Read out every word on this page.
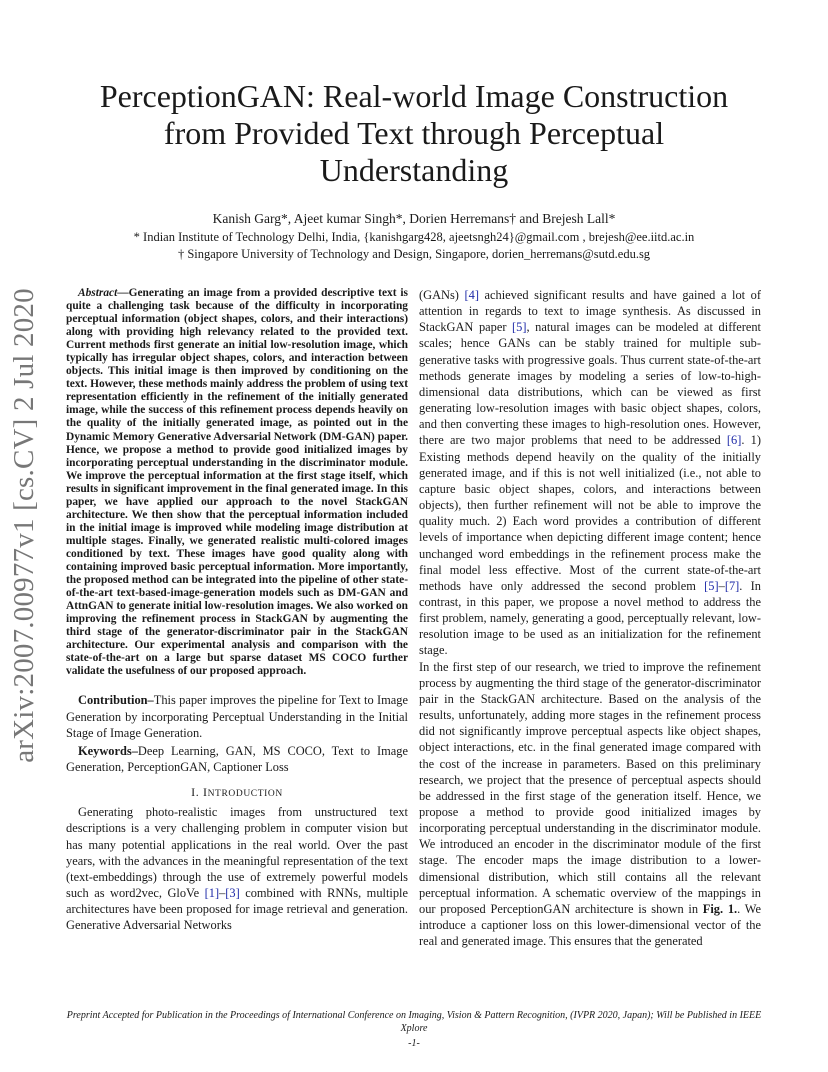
arXiv:2007.00977v1 [cs.CV] 2 Jul 2020
PerceptionGAN: Real-world Image Construction from Provided Text through Perceptual Understanding
Kanish Garg*, Ajeet kumar Singh*, Dorien Herremans† and Brejesh Lall*
* Indian Institute of Technology Delhi, India, {kanishgarg428, ajeetsngh24}@gmail.com , brejesh@ee.iitd.ac.in
† Singapore University of Technology and Design, Singapore, dorien_herremans@sutd.edu.sg

Abstract—Generating an image from a provided descriptive text is quite a challenging task because of the difficulty in incorporating perceptual information (object shapes, colors, and their interactions) along with providing high relevancy related to the provided text. Current methods first generate an initial low-resolution image, which typically has irregular object shapes, colors, and interaction between objects. This initial image is then improved by conditioning on the text. However, these methods mainly address the problem of using text representation efficiently in the refinement of the initially generated image, while the success of this refinement process depends heavily on the quality of the initially generated image, as pointed out in the Dynamic Memory Generative Adversarial Network (DM-GAN) paper. Hence, we propose a method to provide good initialized images by incorporating perceptual understanding in the discriminator module. We improve the perceptual information at the first stage itself, which results in significant improvement in the final generated image. In this paper, we have applied our approach to the novel StackGAN architecture. We then show that the perceptual information included in the initial image is improved while modeling image distribution at multiple stages. Finally, we generated realistic multi-colored images conditioned by text. These images have good quality along with containing improved basic perceptual information. More importantly, the proposed method can be integrated into the pipeline of other state-of-the-art text-based-image-generation models such as DM-GAN and AttnGAN to generate initial low-resolution images. We also worked on improving the refinement process in StackGAN by augmenting the third stage of the generator-discriminator pair in the StackGAN architecture. Our experimental analysis and comparison with the state-of-the-art on a large but sparse dataset MS COCO further validate the usefulness of our proposed approach.

Contribution–This paper improves the pipeline for Text to Image Generation by incorporating Perceptual Understanding in the Initial Stage of Image Generation.

Keywords–Deep Learning, GAN, MS COCO, Text to Image Generation, PerceptionGAN, Captioner Loss

I. INTRODUCTION

Generating photo-realistic images from unstructured text descriptions is a very challenging problem in computer vision but has many potential applications in the real world. Over the past years, with the advances in the meaningful representation of the text (text-embeddings) through the use of extremely powerful models such as word2vec, GloVe [1]–[3] combined with RNNs, multiple architectures have been proposed for image retrieval and generation. Generative Adversarial Networks

(GANs) [4] achieved significant results and have gained a lot of attention in regards to text to image synthesis. As discussed in StackGAN paper [5], natural images can be modeled at different scales; hence GANs can be stably trained for multiple sub-generative tasks with progressive goals. Thus current state-of-the-art methods generate images by modeling a series of low-to-high-dimensional data distributions, which can be viewed as first generating low-resolution images with basic object shapes, colors, and then converting these images to high-resolution ones. However, there are two major problems that need to be addressed [6]. 1) Existing methods depend heavily on the quality of the initially generated image, and if this is not well initialized (i.e., not able to capture basic object shapes, colors, and interactions between objects), then further refinement will not be able to improve the quality much. 2) Each word provides a contribution of different levels of importance when depicting different image content; hence unchanged word embeddings in the refinement process make the final model less effective. Most of the current state-of-the-art methods have only addressed the second problem [5]–[7]. In contrast, in this paper, we propose a novel method to address the first problem, namely, generating a good, perceptually relevant, low-resolution image to be used as an initialization for the refinement stage.

In the first step of our research, we tried to improve the refinement process by augmenting the third stage of the generator-discriminator pair in the StackGAN architecture. Based on the analysis of the results, unfortunately, adding more stages in the refinement process did not significantly improve perceptual aspects like object shapes, object interactions, etc. in the final generated image compared with the cost of the increase in parameters. Based on this preliminary research, we project that the presence of perceptual aspects should be addressed in the first stage of the generation itself. Hence, we propose a method to provide good initialized images by incorporating perceptual understanding in the discriminator module. We introduced an encoder in the discriminator module of the first stage. The encoder maps the image distribution to a lower-dimensional distribution, which still contains all the relevant perceptual information. A schematic overview of the mappings in our proposed PerceptionGAN architecture is shown in Fig. 1.. We introduce a captioner loss on this lower-dimensional vector of the real and generated image. This ensures that the generated

Preprint Accepted for Publication in the Proceedings of International Conference on Imaging, Vision & Pattern Recognition, (IVPR 2020, Japan); Will be Published in IEEE Xplore
-1-
